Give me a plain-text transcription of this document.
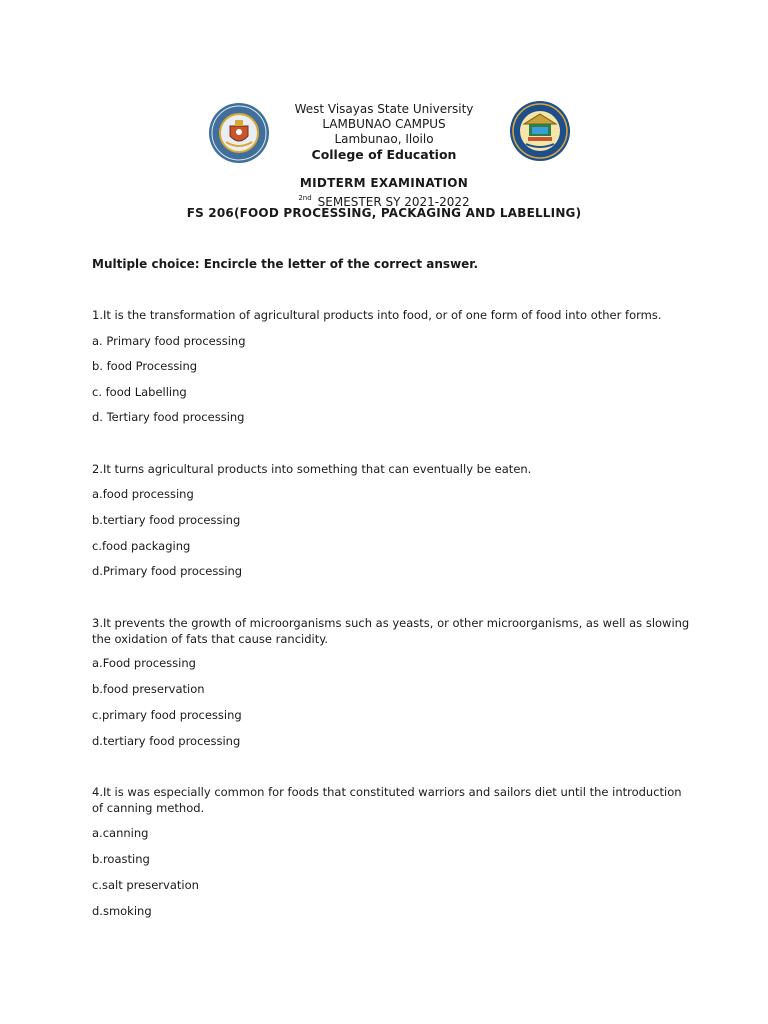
West Visayas State University
LAMBUNAO CAMPUS
Lambunao, Iloilo
College of Education
MIDTERM EXAMINATION
$^{2nd}$ SEMESTER SY 2021-2022
FS 206(FOOD PROCESSING, PACKAGING AND LABELLING)
Multiple choice: Encircle the letter of the correct answer.
1.It is the transformation of agricultural products into food, or of one form of food into other forms.
a. Primary food processing
b. food Processing
c. food Labelling
d. Tertiary food processing
2.It turns agricultural products into something that can eventually be eaten.
a.food processing
b.tertiary food processing
c.food packaging
d.Primary food processing
3.It prevents the growth of microorganisms such as yeasts, or other microorganisms, as well as slowing the oxidation of fats that cause rancidity.
a.Food processing
b.food preservation
c.primary food processing
d.tertiary food processing
4.It is was especially common for foods that constituted warriors and sailors diet until the introduction of canning method.
a.canning
b.roasting
c.salt preservation
d.smoking
